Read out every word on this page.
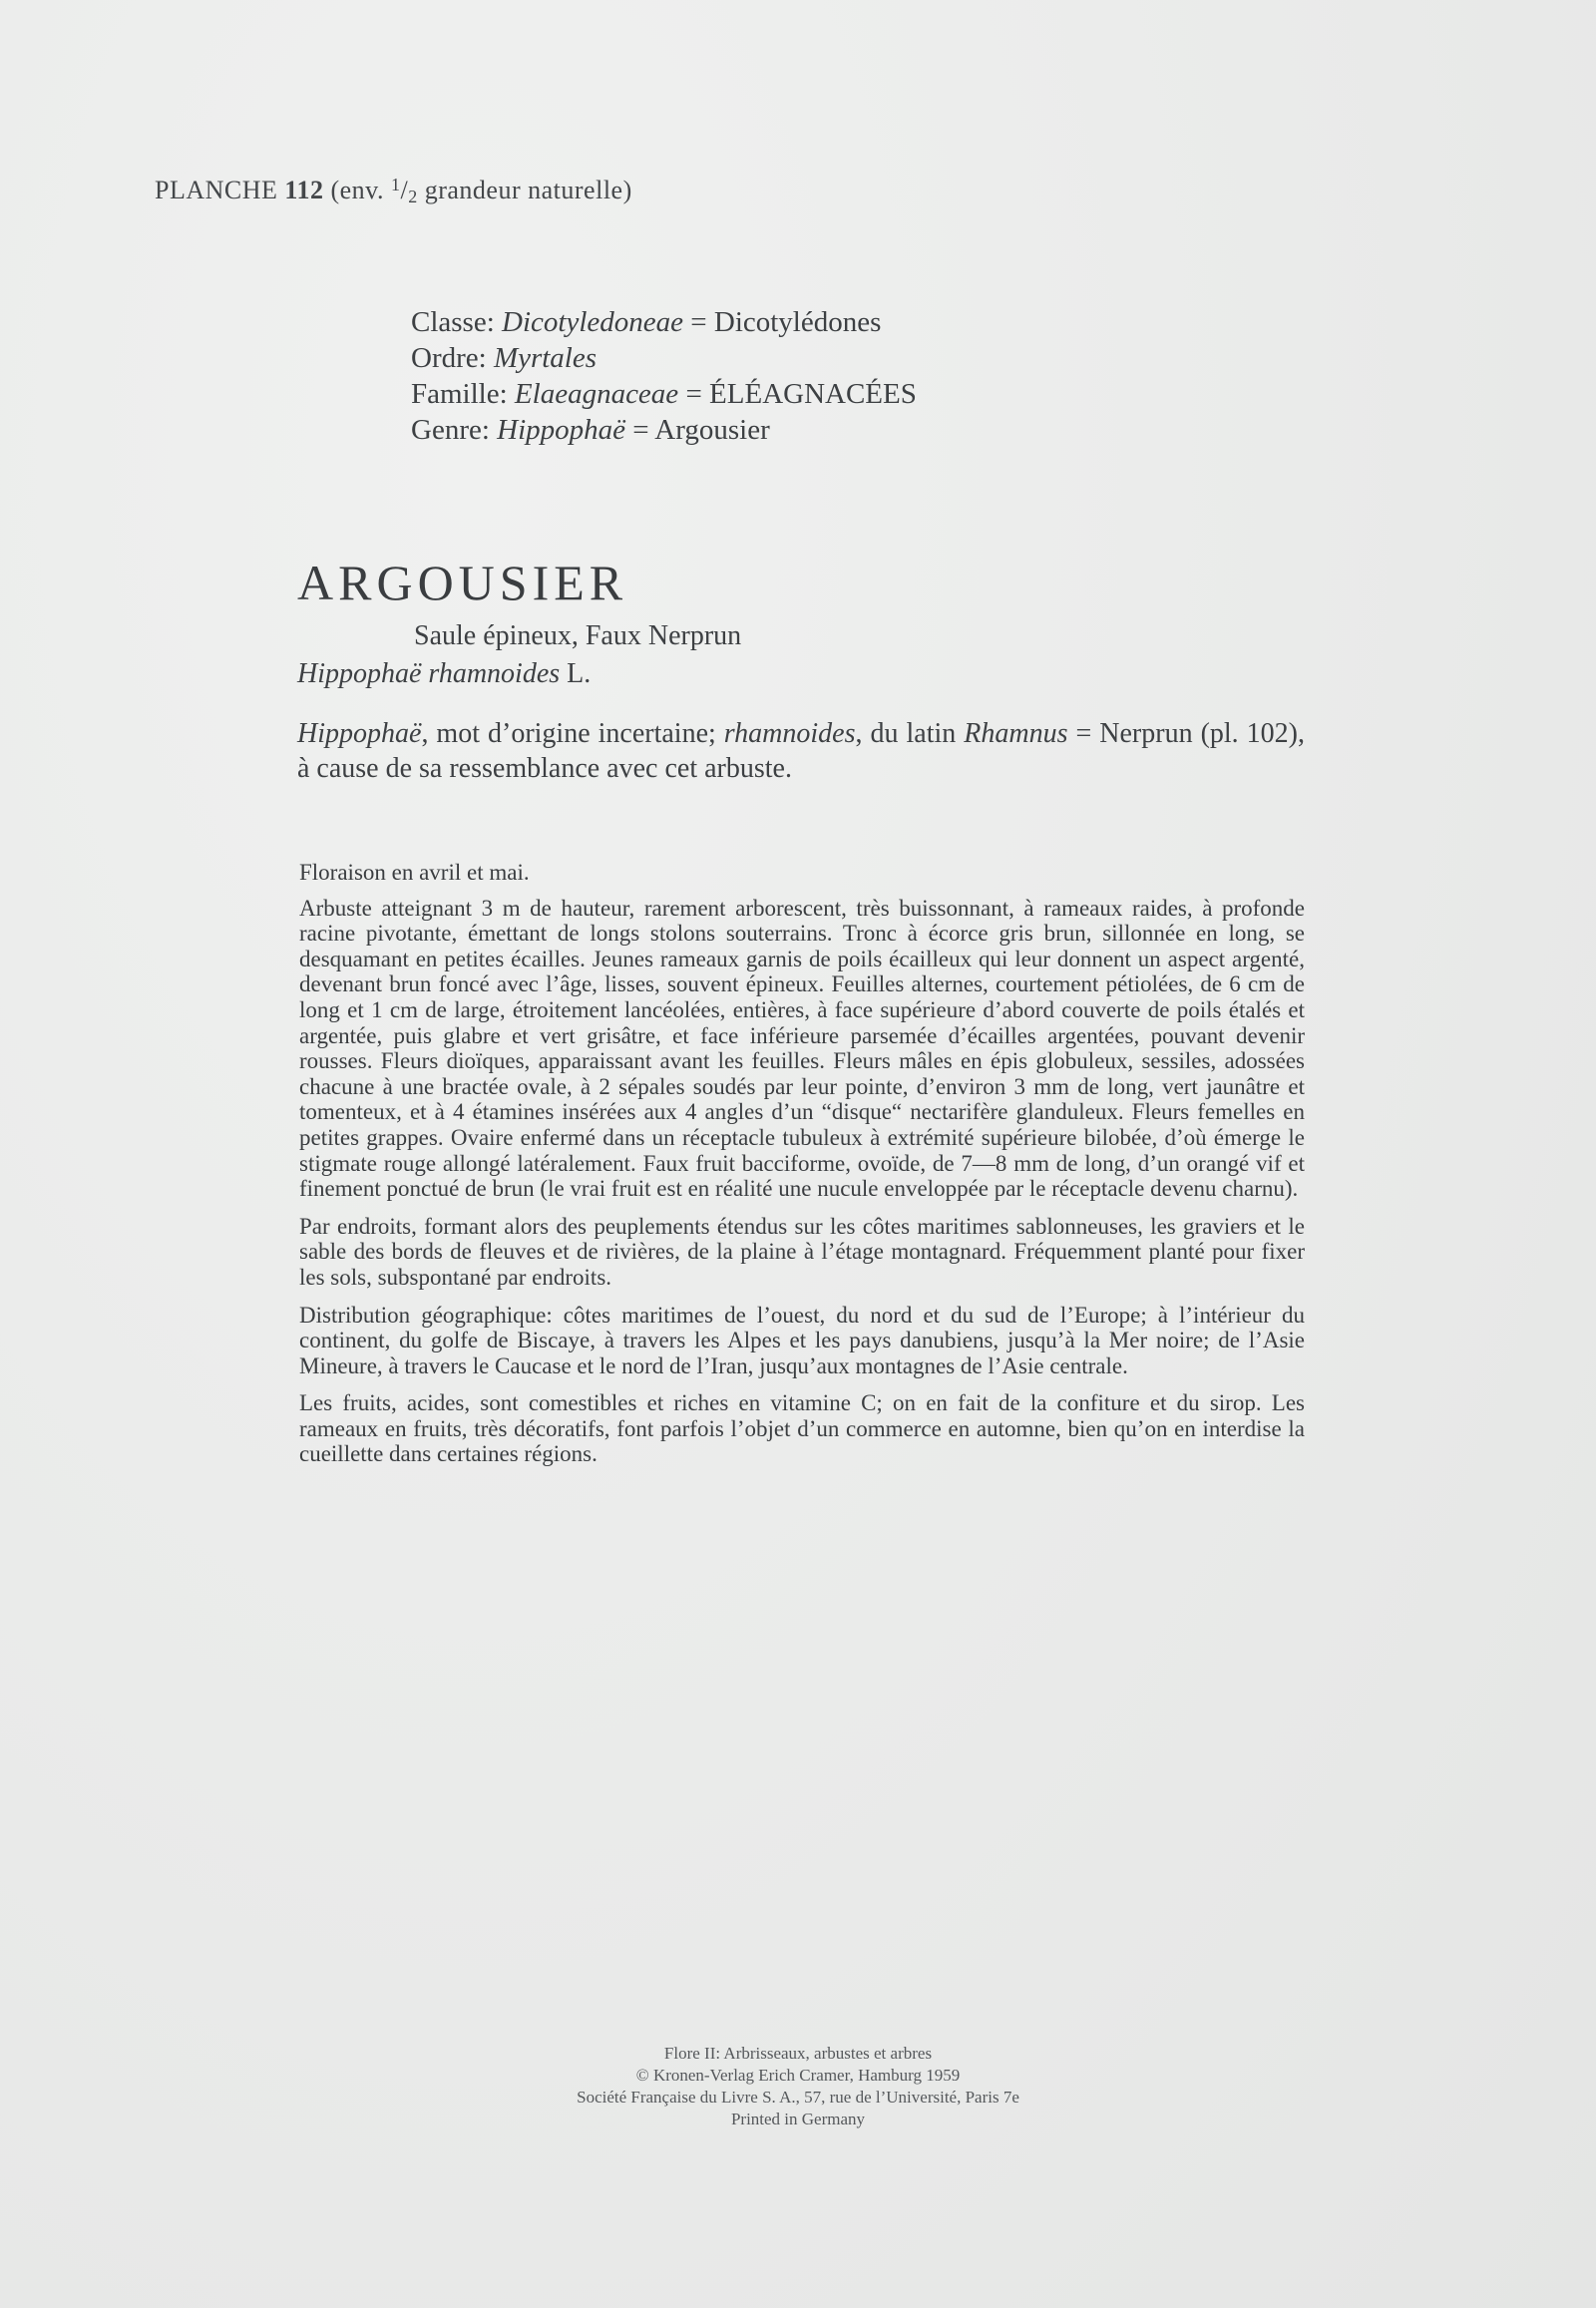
PLANCHE 112 (env. $^1$/2 grandeur naturelle)
Classe: Dicotyledoneae = Dicotylédones
Ordre: Myrtales
Famille: Elaeagnaceae = ÉLÉAGNACÉES
Genre: Hippophaë = Argousier
ARGOUSIER
Saule épineux, Faux Nerprun
Hippophaë rhamnoides L.
Hippophaë, mot d’origine incertaine; rhamnoides, du latin Rhamnus = Nerprun (pl. 102), à cause de sa ressemblance avec cet arbuste.

Floraison en avril et mai.

Arbuste atteignant 3 m de hauteur, rarement arborescent, très buissonnant, à rameaux raides, à profonde racine pivotante, émettant de longs stolons souterrains. Tronc à écorce gris brun, sillonnée en long, se desquamant en petites écailles. Jeunes rameaux garnis de poils écailleux qui leur donnent un aspect argenté, devenant brun foncé avec l’âge, lisses, souvent épineux. Feuilles alternes, courtement pétiolées, de 6 cm de long et 1 cm de large, étroitement lancéolées, entières, à face supérieure d’abord couverte de poils étalés et argentée, puis glabre et vert grisâtre, et face inférieure parsemée d’écailles argentées, pouvant devenir rousses. Fleurs dioïques, apparaissant avant les feuilles. Fleurs mâles en épis globuleux, sessiles, adossées chacune à une bractée ovale, à 2 sépales soudés par leur pointe, d’environ 3 mm de long, vert jaunâtre et tomenteux, et à 4 étamines insérées aux 4 angles d’un “disque“ nectarifère glanduleux. Fleurs femelles en petites grappes. Ovaire enfermé dans un réceptacle tubuleux à extrémité supérieure bilobée, d’où émerge le stigmate rouge allongé latéralement. Faux fruit bacciforme, ovoïde, de 7—8 mm de long, d’un orangé vif et finement ponctué de brun (le vrai fruit est en réalité une nucule enveloppée par le réceptacle devenu charnu).

Par endroits, formant alors des peuplements étendus sur les côtes maritimes sablonneuses, les graviers et le sable des bords de fleuves et de rivières, de la plaine à l’étage montagnard. Fréquemment planté pour fixer les sols, subspontané par endroits.

Distribution géographique: côtes maritimes de l’ouest, du nord et du sud de l’Europe; à l’intérieur du continent, du golfe de Biscaye, à travers les Alpes et les pays danubiens, jusqu’à la Mer noire; de l’Asie Mineure, à travers le Caucase et le nord de l’Iran, jusqu’aux montagnes de l’Asie centrale.

Les fruits, acides, sont comestibles et riches en vitamine C; on en fait de la confiture et du sirop. Les rameaux en fruits, très décoratifs, font parfois l’objet d’un commerce en automne, bien qu’on en interdise la cueillette dans certaines régions.

Flore II: Arbrisseaux, arbustes et arbres
© Kronen-Verlag Erich Cramer, Hamburg 1959
Société Française du Livre S. A., 57, rue de l’Université, Paris 7e
Printed in Germany
